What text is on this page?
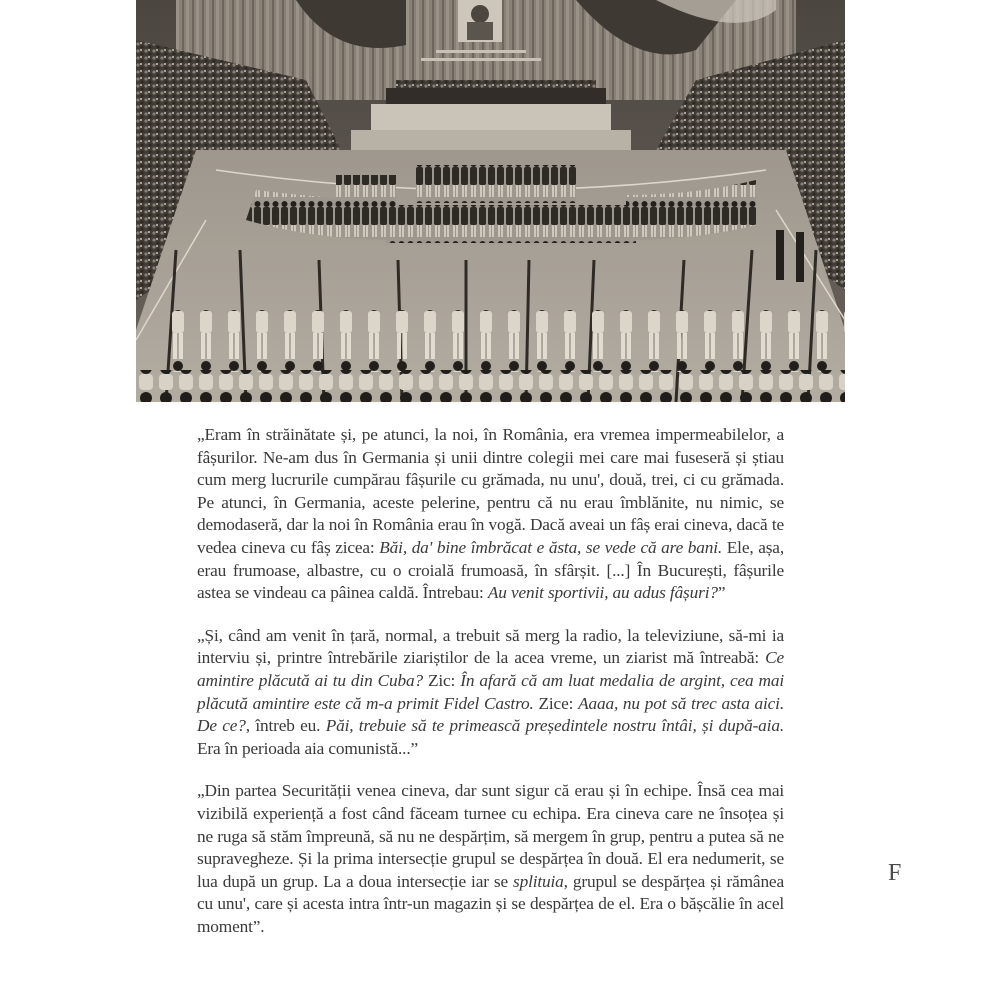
„Eram în străinătate și, pe atunci, la noi, în România, era vremea impermeabilelor, a fâșurilor. Ne-am dus în Germania și unii dintre colegii mei care mai fuseseră și știau cum merg lucrurile cumpărau fâșurile cu grămada, nu unu', două, trei, ci cu grămada. Pe atunci, în Germania, aceste pelerine, pentru că nu erau îmblănite, nu nimic, se demodaseră, dar la noi în România erau în vogă. Dacă aveai un fâș erai cineva, dacă te vedea cineva cu fâș zicea: Băi, da' bine îmbrăcat e ăsta, se vede că are bani. Ele, așa, erau frumoase, albastre, cu o croială frumoasă, în sfârșit. [...] În București, fâșurile astea se vindeau ca pâinea caldă. Întrebau: Au venit sportivii, au adus fâșuri?”

„Și, când am venit în țară, normal, a trebuit să merg la radio, la televiziune, să-mi ia interviu și, printre întrebările ziariștilor de la acea vreme, un ziarist mă întreabă: Ce amintire plăcută ai tu din Cuba? Zic: În afară că am luat medalia de argint, cea mai plăcută amintire este că m-a primit Fidel Castro. Zice: Aaaa, nu pot să trec asta aici. De ce?, întreb eu. Păi, trebuie să te primească președintele nostru întâi, și după-aia. Era în perioada aia comunistă...”

„Din partea Securității venea cineva, dar sunt sigur că erau și în echipe. Însă cea mai vizibilă experiență a fost când făceam turnee cu echipa. Era cineva care ne însoțea și ne ruga să stăm împreună, să nu ne despărțim, să mergem în grup, pentru a putea să ne supravegheze. Și la prima intersecție grupul se despărțea în două. El era nedumerit, se lua după un grup. La a doua intersecție iar se splituia, grupul se despărțea și rămânea cu unu', care și acesta intra într-un magazin și se despărțea de el. Era o bășcălie în acel moment”.

F
